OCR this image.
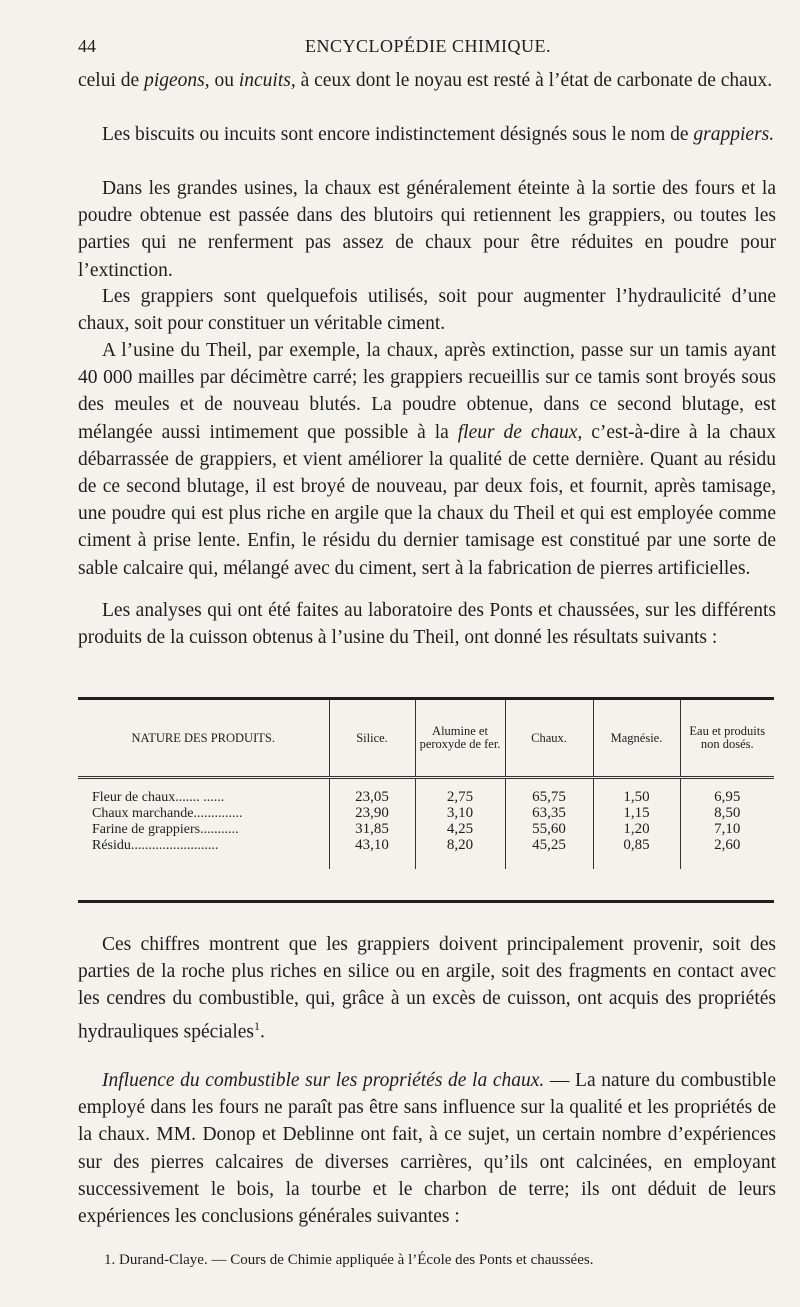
44	ENCYCLOPÉDIE CHIMIQUE.

celui de pigeons, ou incuits, à ceux dont le noyau est resté à l’état de carbonate de chaux.

Les biscuits ou incuits sont encore indistinctement désignés sous le nom de grappiers.

Dans les grandes usines, la chaux est généralement éteinte à la sortie des fours et la poudre obtenue est passée dans des blutoirs qui retiennent les grappiers, ou toutes les parties qui ne renferment pas assez de chaux pour être réduites en poudre pour l’extinction.

Les grappiers sont quelquefois utilisés, soit pour augmenter l’hydraulicité d’une chaux, soit pour constituer un véritable ciment.

A l’usine du Theil, par exemple, la chaux, après extinction, passe sur un tamis ayant 40 000 mailles par décimètre carré; les grappiers recueillis sur ce tamis sont broyés sous des meules et de nouveau blutés. La poudre obtenue, dans ce second blutage, est mélangée aussi intimement que possible à la fleur de chaux, c’est-à-dire à la chaux débarrassée de grappiers, et vient améliorer la qualité de cette dernière. Quant au résidu de ce second blutage, il est broyé de nouveau, par deux fois, et fournit, après tamisage, une poudre qui est plus riche en argile que la chaux du Theil et qui est employée comme ciment à prise lente. Enfin, le résidu du dernier tamisage est constitué par une sorte de sable calcaire qui, mélangé avec du ciment, sert à la fabrication de pierres artificielles.

Les analyses qui ont été faites au laboratoire des Ponts et chaussées, sur les différents produits de la cuisson obtenus à l’usine du Theil, ont donné les résultats suivants :

NATURE DES PRODUITS.	Silice.	Alumine et peroxyde de fer.	Chaux.	Magnésie.	Eau et produits non dosés.

Fleur de chaux....... ......	23,05	2,75	65,75	1,50	6,95
Chaux marchande..............	23,90	3,10	63,35	1,15	8,50
Farine de grappiers...........	31,85	4,25	55,60	1,20	7,10
Résidu.........................	43,10	8,20	45,25	0,85	2,60

Ces chiffres montrent que les grappiers doivent principalement provenir, soit des parties de la roche plus riches en silice ou en argile, soit des fragments en contact avec les cendres du combustible, qui, grâce à un excès de cuisson, ont acquis des propriétés hydrauliques spéciales$^1$.

Influence du combustible sur les propriétés de la chaux. — La nature du combustible employé dans les fours ne paraît pas être sans influence sur la qualité et les propriétés de la chaux. MM. Donop et Deblinne ont fait, à ce sujet, un certain nombre d’expériences sur des pierres calcaires de diverses carrières, qu’ils ont calcinées, en employant successivement le bois, la tourbe et le charbon de terre; ils ont déduit de leurs expériences les conclusions générales suivantes :

1. Durand-Claye. — Cours de Chimie appliquée à l’École des Ponts et chaussées.
